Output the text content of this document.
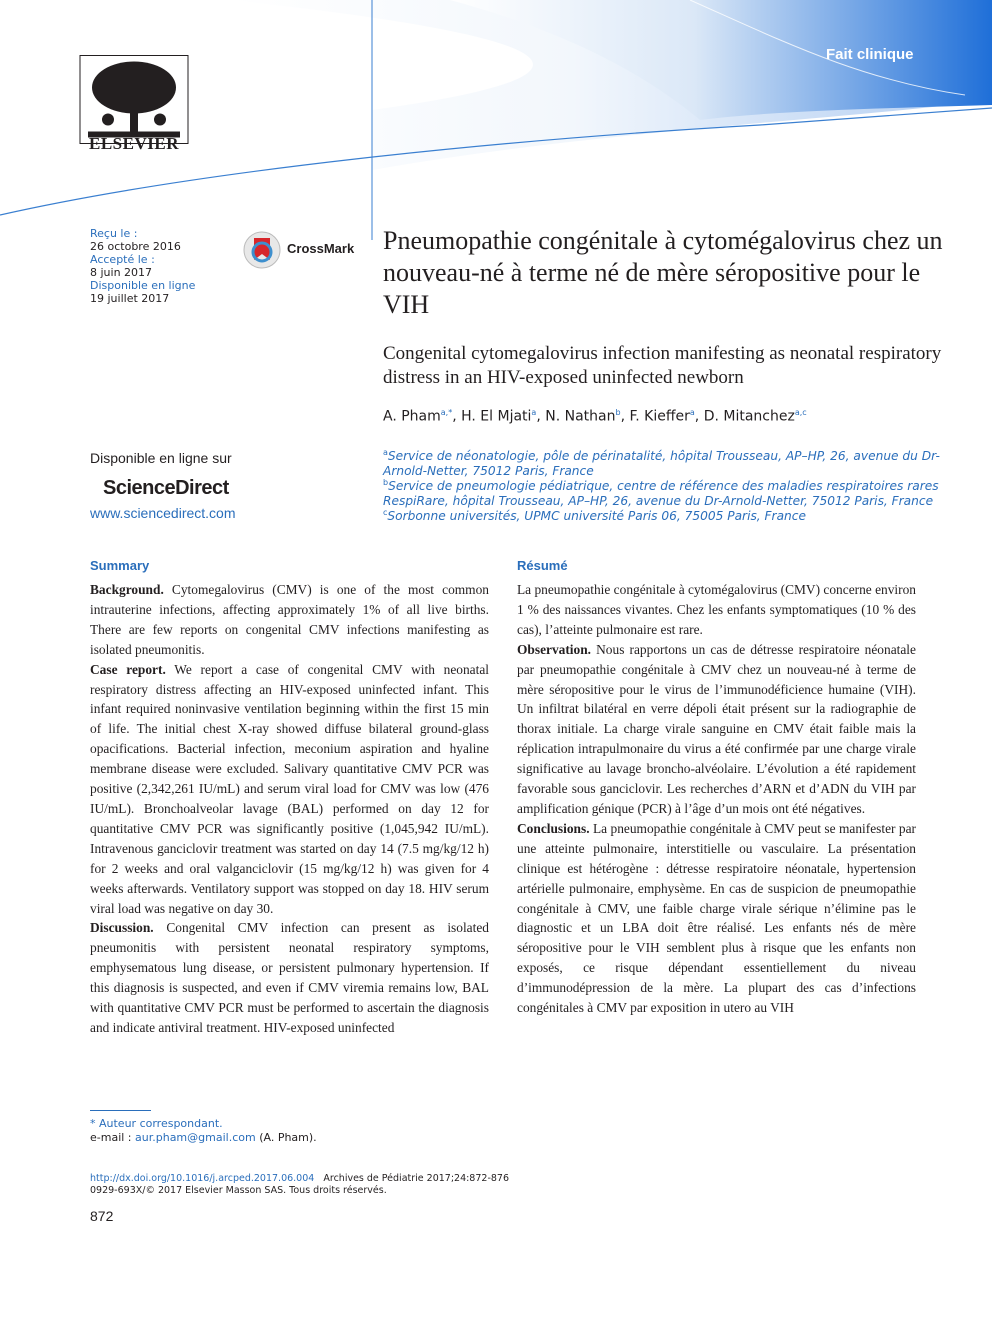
ELSEVIER
Fait clinique
Reçu le :
26 octobre 2016
Accepté le :
8 juin 2017
Disponible en ligne
19 juillet 2017
CrossMark Pneumopathie congénitale à cytomégalovirus chez un nouveau-né à terme né de mère séropositive pour le VIH
Congenital cytomegalovirus infection manifesting as neonatal respiratory distress in an HIV-exposed uninfected newborn
A. Pham$^{a,*}$, H. El Mjati$^a$, N. Nathan$^b$, F. Kieffer$^a$, D. Mitanchez$^{a,c}$
$^a$Service de néonatologie, pôle de périnatalité, hôpital Trousseau, AP–HP, 26, avenue du Dr-Arnold-Netter, 75012 Paris, France
$^b$Service de pneumologie pédiatrique, centre de référence des maladies respiratoires rares RespiRare, hôpital Trousseau, AP–HP, 26, avenue du Dr-Arnold-Netter, 75012 Paris, France
$^c$Sorbonne universités, UPMC université Paris 06, 75005 Paris, France
Disponible en ligne sur
ScienceDirect
www.sciencedirect.com
Summary

Background. Cytomegalovirus (CMV) is one of the most common intrauterine infections, affecting approximately 1% of all live births. There are few reports on congenital CMV infections manifesting as isolated pneumonitis.

Case report. We report a case of congenital CMV with neonatal respiratory distress affecting an HIV-exposed uninfected infant. This infant required noninvasive ventilation beginning within the first 15 min of life. The initial chest X-ray showed diffuse bilateral ground-glass opacifications. Bacterial infection, meconium aspiration and hyaline membrane disease were excluded. Salivary quantitative CMV PCR was positive (2,342,261 IU/mL) and serum viral load for CMV was low (476 IU/mL). Bronchoalveolar lavage (BAL) performed on day 12 for quantitative CMV PCR was significantly positive (1,045,942 IU/mL). Intravenous ganciclovir treatment was started on day 14 (7.5 mg/kg/12 h) for 2 weeks and oral valganciclovir (15 mg/kg/12 h) was given for 4 weeks afterwards. Ventilatory support was stopped on day 18. HIV serum viral load was negative on day 30.

Discussion. Congenital CMV infection can present as isolated pneumonitis with persistent neonatal respiratory symptoms, emphysematous lung disease, or persistent pulmonary hypertension. If this diagnosis is suspected, and even if CMV viremia remains low, BAL with quantitative CMV PCR must be performed to ascertain the diagnosis and indicate antiviral treatment. HIV-exposed uninfected

Résumé

La pneumopathie congénitale à cytomégalovirus (CMV) concerne environ 1 % des naissances vivantes. Chez les enfants symptomatiques (10 % des cas), l’atteinte pulmonaire est rare.

Observation. Nous rapportons un cas de détresse respiratoire néonatale par pneumopathie congénitale à CMV chez un nouveau-né à terme de mère séropositive pour le virus de l’immunodéficience humaine (VIH). Un infiltrat bilatéral en verre dépoli était présent sur la radiographie de thorax initiale. La charge virale sanguine en CMV était faible mais la réplication intrapulmonaire du virus a été confirmée par une charge virale significative au lavage broncho-alvéolaire. L’évolution a été rapidement favorable sous ganciclovir. Les recherches d’ARN et d’ADN du VIH par amplification génique (PCR) à l’âge d’un mois ont été négatives.

Conclusions. La pneumopathie congénitale à CMV peut se manifester par une atteinte pulmonaire, interstitielle ou vasculaire. La présentation clinique est hétérogène : détresse respiratoire néonatale, hypertension artérielle pulmonaire, emphysème. En cas de suspicion de pneumopathie congénitale à CMV, une faible charge virale sérique n’élimine pas le diagnostic et un LBA doit être réalisé. Les enfants nés de mère séropositive pour le VIH semblent plus à risque que les enfants non exposés, ce risque dépendant essentiellement du niveau d’immunodépression de la mère. La plupart des cas d’infections congénitales à CMV par exposition in utero au VIH

* Auteur correspondant.
e-mail : aur.pham@gmail.com (A. Pham).
http://dx.doi.org/10.1016/j.arcped.2017.06.004 Archives de Pédiatrie 2017;24:872-876
0929-693X/© 2017 Elsevier Masson SAS. Tous droits réservés.
872
